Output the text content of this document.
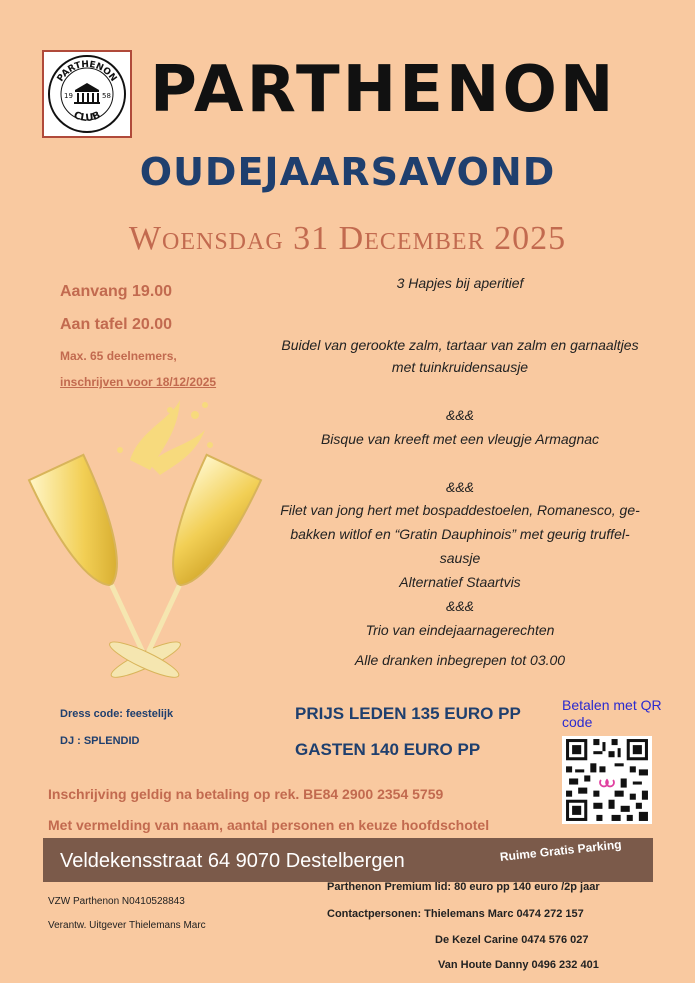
PARTHENON
CLUB
19	58 PARTHENON
OUDEJAARSAVOND
Woensdag 31 December 2025
Aanvang 19.00
Aan tafel 20.00
Max. 65 deelnemers,
inschrijven voor 18/12/2025
3 Hapjes bij aperitief
Buidel van gerookte zalm, tartaar van zalm en garnaaltjes
met tuinkruidensausje
&&&
Bisque van kreeft met een vleugje Armagnac
&&&
Filet van jong hert met bospaddestoelen, Romanesco, ge-
bakken witlof en “Gratin Dauphinois” met geurig truffel-
sausje
Alternatief Staartvis
&&&
Trio van eindejaarnagerechten
Alle dranken inbegrepen tot 03.00
Dress code: feestelijk
DJ : SPLENDID
PRIJS LEDEN 135 EURO PP
GASTEN 140 EURO PP
Betalen met QR code
Inschrijving geldig na betaling op rek. BE84 2900 2354 5759
Met vermelding van naam, aantal personen en keuze hoofdschotel
Veldekensstraat 64 9070 Destelbergen	Ruime Gratis Parking
VZW Parthenon N0410528843
Verantw. Uitgever Thielemans Marc
Parthenon Premium lid: 80 euro pp 140 euro /2p jaar
Contactpersonen: Thielemans Marc 0474 272 157
De Kezel Carine 0474 576 027
Van Houte Danny 0496 232 401
